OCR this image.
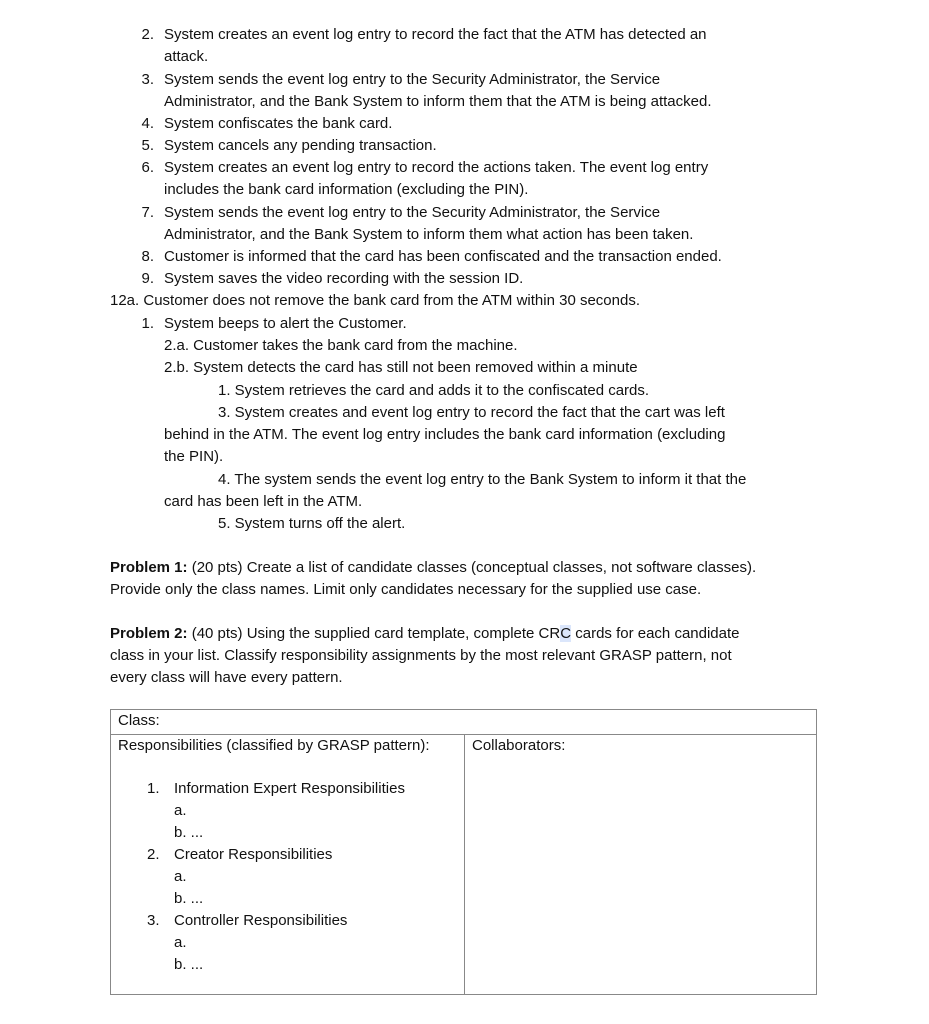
2. System creates an event log entry to record the fact that the ATM has detected an
attack.
3. System sends the event log entry to the Security Administrator, the Service
Administrator, and the Bank System to inform them that the ATM is being attacked.
4. System confiscates the bank card.
5. System cancels any pending transaction.
6. System creates an event log entry to record the actions taken. The event log entry
includes the bank card information (excluding the PIN).
7. System sends the event log entry to the Security Administrator, the Service
Administrator, and the Bank System to inform them what action has been taken.
8. Customer is informed that the card has been confiscated and the transaction ended.
9. System saves the video recording with the session ID.
12a. Customer does not remove the bank card from the ATM within 30 seconds.
1. System beeps to alert the Customer.
2.a. Customer takes the bank card from the machine.
2.b. System detects the card has still not been removed within a minute
1. System retrieves the card and adds it to the confiscated cards.
3. System creates and event log entry to record the fact that the cart was left
behind in the ATM. The event log entry includes the bank card information (excluding
the PIN).
4. The system sends the event log entry to the Bank System to inform it that the
card has been left in the ATM.
5. System turns off the alert.
Problem 1: (20 pts) Create a list of candidate classes (conceptual classes, not software classes).
Provide only the class names. Limit only candidates necessary for the supplied use case.
Problem 2: (40 pts) Using the supplied card template, complete CRC cards for each candidate
class in your list. Classify responsibility assignments by the most relevant GRASP pattern, not
every class will have every pattern.
Class:
Responsibilities (classified by GRASP pattern):	Collaborators:
1. Information Expert Responsibilities
a.
b. ...
2. Creator Responsibilities
a.
b. ...
3. Controller Responsibilities
a.
b. ...
